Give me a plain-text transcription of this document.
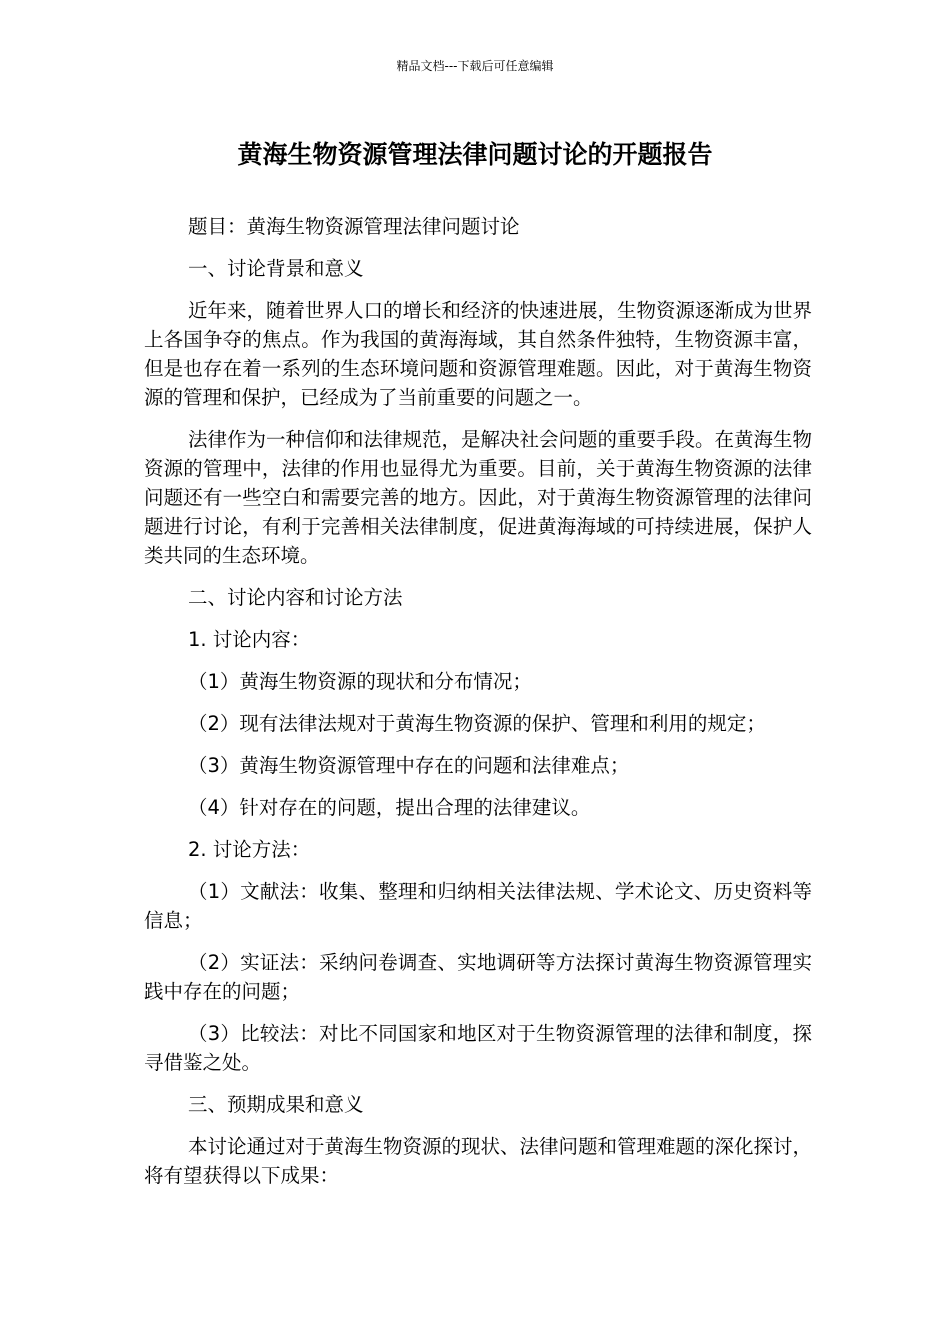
精品文档---下载后可任意编辑
黄海生物资源管理法律问题讨论的开题报告

题目：黄海生物资源管理法律问题讨论

一、讨论背景和意义

近年来，随着世界人口的增长和经济的快速进展，生物资源逐渐成为世界上各国争夺的焦点。作为我国的黄海海域，其自然条件独特，生物资源丰富，但是也存在着一系列的生态环境问题和资源管理难题。因此，对于黄海生物资源的管理和保护，已经成为了当前重要的问题之一。

法律作为一种信仰和法律规范，是解决社会问题的重要手段。在黄海生物资源的管理中，法律的作用也显得尤为重要。目前，关于黄海生物资源的法律问题还有一些空白和需要完善的地方。因此，对于黄海生物资源管理的法律问题进行讨论，有利于完善相关法律制度，促进黄海海域的可持续进展，保护人类共同的生态环境。

二、讨论内容和讨论方法

1. 讨论内容：

（1）黄海生物资源的现状和分布情况；

（2）现有法律法规对于黄海生物资源的保护、管理和利用的规定；

（3）黄海生物资源管理中存在的问题和法律难点；

（4）针对存在的问题，提出合理的法律建议。

2. 讨论方法：

（1）文献法：收集、整理和归纳相关法律法规、学术论文、历史资料等信息；

（2）实证法：采纳问卷调查、实地调研等方法探讨黄海生物资源管理实践中存在的问题；

（3）比较法：对比不同国家和地区对于生物资源管理的法律和制度，探寻借鉴之处。

三、预期成果和意义

本讨论通过对于黄海生物资源的现状、法律问题和管理难题的深化探讨，将有望获得以下成果：
